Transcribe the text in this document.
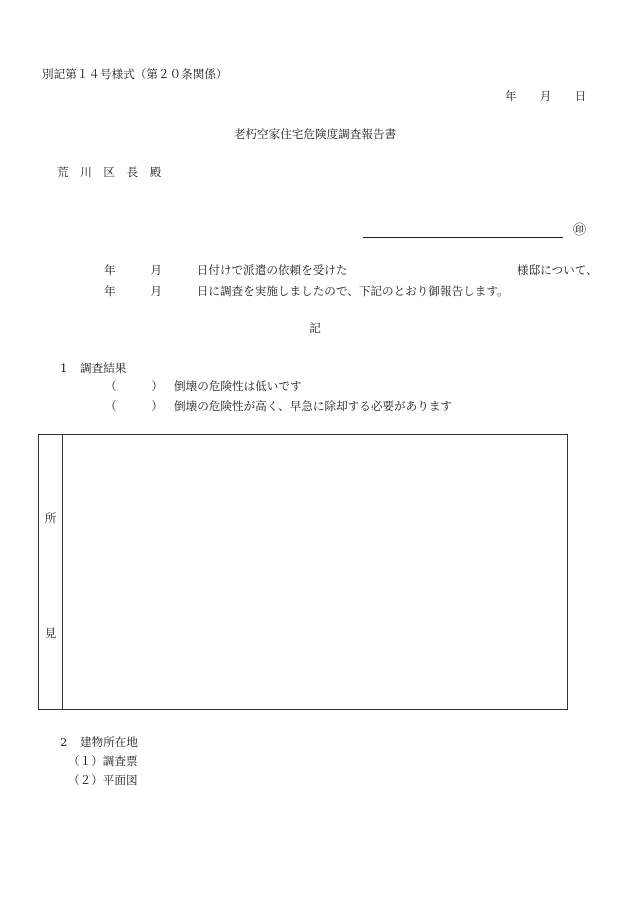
別記第１４号様式（第２０条関係）
年　　月　　日
老朽空家住宅危険度調査報告書
荒　川　区　長　殿
㊞
年　　　月　　　日付けで派遣の依頼を受けた	様邸について、
年　　　月　　　日に調査を実施しましたので、下記のとおり御報告します。
記
1 調査結果
（　　　） 倒壊の危険性は低いです
（　　　） 倒壊の危険性が高く、早急に除却する必要があります
所
見
2 建物所在地
（１）調査票
（２）平面図
